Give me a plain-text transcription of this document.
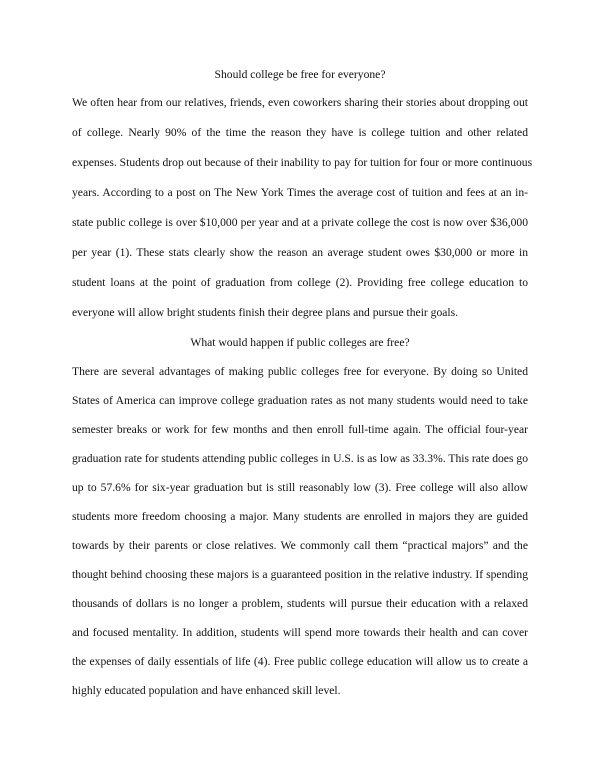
Should college be free for everyone?
We often hear from our relatives, friends, even coworkers sharing their stories about dropping out
of college. Nearly 90% of the time the reason they have is college tuition and other related
expenses. Students drop out because of their inability to pay for tuition for four or more continuous
years. According to a post on The New York Times the average cost of tuition and fees at an in-
state public college is over $10,000 per year and at a private college the cost is now over $36,000
per year (1). These stats clearly show the reason an average student owes $30,000 or more in
student loans at the point of graduation from college (2). Providing free college education to
everyone will allow bright students finish their degree plans and pursue their goals.
What would happen if public colleges are free?
There are several advantages of making public colleges free for everyone. By doing so United
States of America can improve college graduation rates as not many students would need to take
semester breaks or work for few months and then enroll full-time again. The official four-year
graduation rate for students attending public colleges in U.S. is as low as 33.3%. This rate does go
up to 57.6% for six-year graduation but is still reasonably low (3). Free college will also allow
students more freedom choosing a major. Many students are enrolled in majors they are guided
towards by their parents or close relatives. We commonly call them “practical majors” and the
thought behind choosing these majors is a guaranteed position in the relative industry. If spending
thousands of dollars is no longer a problem, students will pursue their education with a relaxed
and focused mentality. In addition, students will spend more towards their health and can cover
the expenses of daily essentials of life (4). Free public college education will allow us to create a
highly educated population and have enhanced skill level.
